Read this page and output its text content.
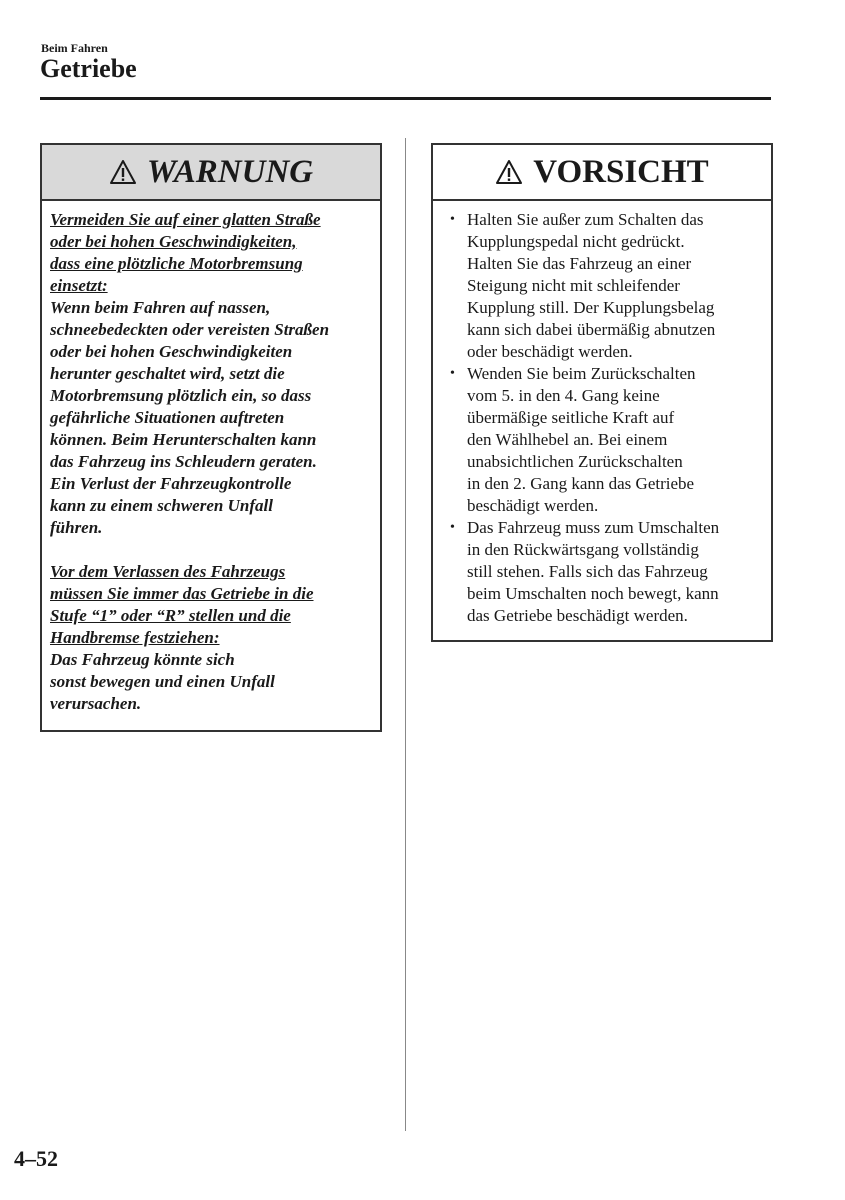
Beim Fahren
Getriebe
WARNUNG

Vermeiden Sie auf einer glatten Straße

oder bei hohen Geschwindigkeiten,

dass eine plötzliche Motorbremsung

einsetzt:

Wenn beim Fahren auf nassen,

schneebedeckten oder vereisten Straßen

oder bei hohen Geschwindigkeiten

herunter geschaltet wird, setzt die

Motorbremsung plötzlich ein, so dass

gefährliche Situationen auftreten

können. Beim Herunterschalten kann

das Fahrzeug ins Schleudern geraten.

Ein Verlust der Fahrzeugkontrolle

kann zu einem schweren Unfall

führen.

Vor dem Verlassen des Fahrzeugs

müssen Sie immer das Getriebe in die

Stufe “1” oder “R” stellen und die

Handbremse festziehen:

Das Fahrzeug könnte sich

sonst bewegen und einen Unfall

verursachen.

VORSICHT
• Halten Sie außer zum Schalten das
Kupplungspedal nicht gedrückt.
Halten Sie das Fahrzeug an einer
Steigung nicht mit schleifender
Kupplung still. Der Kupplungsbelag
kann sich dabei übermäßig abnutzen
oder beschädigt werden.
• Wenden Sie beim Zurückschalten
vom 5. in den 4. Gang keine
übermäßige seitliche Kraft auf
den Wählhebel an. Bei einem
unabsichtlichen Zurückschalten
in den 2. Gang kann das Getriebe
beschädigt werden.
• Das Fahrzeug muss zum Umschalten
in den Rückwärtsgang vollständig
still stehen. Falls sich das Fahrzeug
beim Umschalten noch bewegt, kann
das Getriebe beschädigt werden.
4–52
